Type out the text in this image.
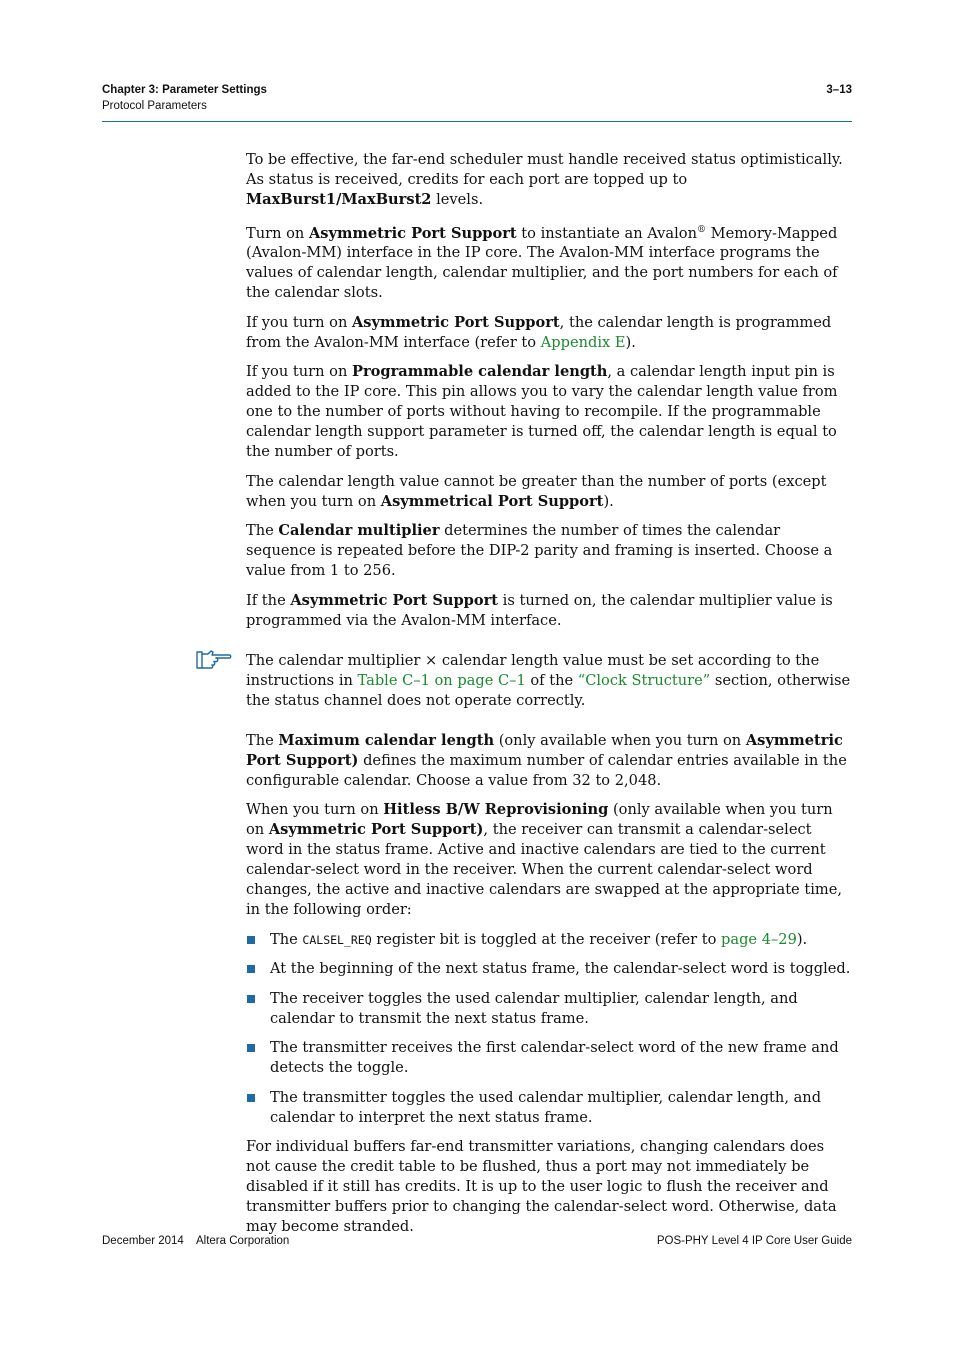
Chapter 3: Parameter Settings	3–13
Protocol Parameters

To be effective, the far-end scheduler must handle received status optimistically. As status is received, credits for each port are topped up to MaxBurst1/MaxBurst2 levels.

Turn on Asymmetric Port Support to instantiate an Avalon® Memory-Mapped (Avalon-MM) interface in the IP core. The Avalon-MM interface programs the values of calendar length, calendar multiplier, and the port numbers for each of the calendar slots.

If you turn on Asymmetric Port Support, the calendar length is programmed from the Avalon-MM interface (refer to Appendix E).

If you turn on Programmable calendar length, a calendar length input pin is added to the IP core. This pin allows you to vary the calendar length value from one to the number of ports without having to recompile. If the programmable calendar length support parameter is turned off, the calendar length is equal to the number of ports.

The calendar length value cannot be greater than the number of ports (except when you turn on Asymmetrical Port Support).

The Calendar multiplier determines the number of times the calendar sequence is repeated before the DIP-2 parity and framing is inserted. Choose a value from 1 to 256.

If the Asymmetric Port Support is turned on, the calendar multiplier value is programmed via the Avalon-MM interface.

The calendar multiplier × calendar length value must be set according to the instructions in Table C–1 on page C–1 of the “Clock Structure” section, otherwise the status channel does not operate correctly.

The Maximum calendar length (only available when you turn on Asymmetric Port Support) defines the maximum number of calendar entries available in the configurable calendar. Choose a value from 32 to 2,048.

When you turn on Hitless B/W Reprovisioning (only available when you turn on Asymmetric Port Support), the receiver can transmit a calendar-select word in the status frame. Active and inactive calendars are tied to the current calendar-select word in the receiver. When the current calendar-select word changes, the active and inactive calendars are swapped at the appropriate time, in the following order:

The CALSEL_REQ register bit is toggled at the receiver (refer to page 4–29).
At the beginning of the next status frame, the calendar-select word is toggled.
The receiver toggles the used calendar multiplier, calendar length, and calendar to transmit the next status frame.
The transmitter receives the first calendar-select word of the new frame and detects the toggle.
The transmitter toggles the used calendar multiplier, calendar length, and calendar to interpret the next status frame.

For individual buffers far-end transmitter variations, changing calendars does not cause the credit table to be flushed, thus a port may not immediately be disabled if it still has credits. It is up to the user logic to flush the receiver and transmitter buffers prior to changing the calendar-select word. Otherwise, data may become stranded.

December 2014    Altera Corporation	POS-PHY Level 4 IP Core User Guide
